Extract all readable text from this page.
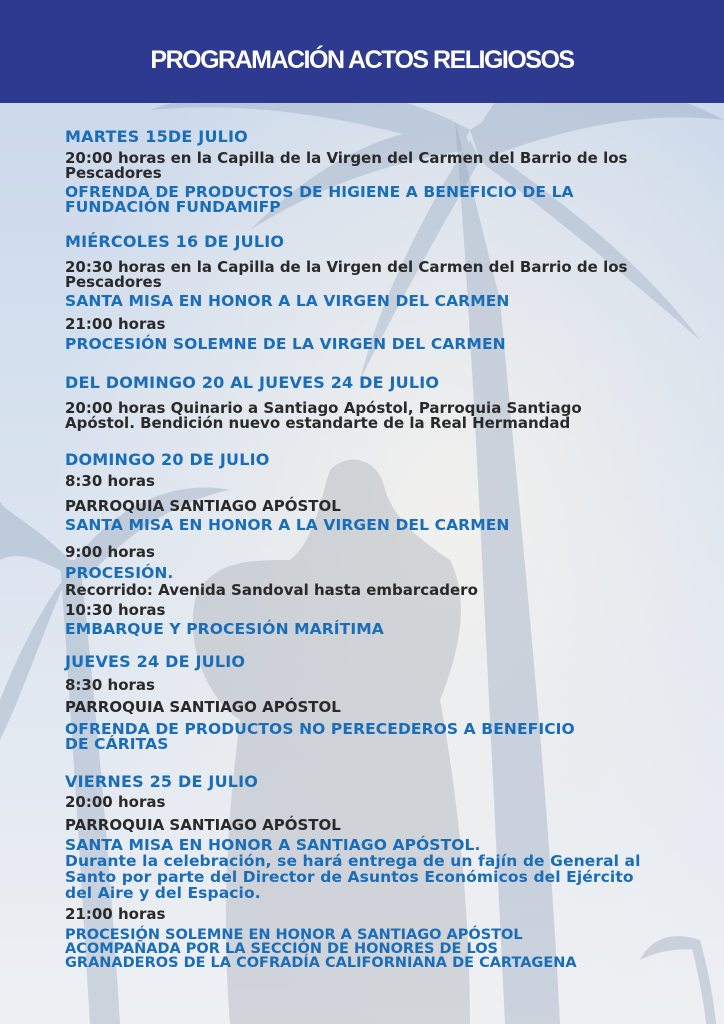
PROGRAMACIÓN ACTOS RELIGIOSOS
MARTES 15DE JULIO
20:00 horas en la Capilla de la Virgen del Carmen del Barrio de los
Pescadores
OFRENDA DE PRODUCTOS DE HIGIENE A BENEFICIO DE LA
FUNDACIÓN FUNDAMIFP
MIÉRCOLES 16 DE JULIO
20:30 horas en la Capilla de la Virgen del Carmen del Barrio de los
Pescadores
SANTA MISA EN HONOR A LA VIRGEN DEL CARMEN
21:00 horas
PROCESIÓN SOLEMNE DE LA VIRGEN DEL CARMEN
DEL DOMINGO 20 AL JUEVES 24 DE JULIO
20:00 horas Quinario a Santiago Apóstol, Parroquia Santiago
Apóstol. Bendición nuevo estandarte de la Real Hermandad
DOMINGO 20 DE JULIO
8:30 horas
PARROQUIA SANTIAGO APÓSTOL
SANTA MISA EN HONOR A LA VIRGEN DEL CARMEN
9:00 horas
PROCESIÓN.
Recorrido: Avenida Sandoval hasta embarcadero
10:30 horas
EMBARQUE Y PROCESIÓN MARÍTIMA
JUEVES 24 DE JULIO
8:30 horas
PARROQUIA SANTIAGO APÓSTOL
OFRENDA DE PRODUCTOS NO PERECEDEROS A BENEFICIO
DE CÁRITAS
VIERNES 25 DE JULIO
20:00 horas
PARROQUIA SANTIAGO APÓSTOL
SANTA MISA EN HONOR A SANTIAGO APÓSTOL.
Durante la celebración, se hará entrega de un fajín de General al
Santo por parte del Director de Asuntos Económicos del Ejército
del Aire y del Espacio.
21:00 horas
PROCESIÓN SOLEMNE EN HONOR A SANTIAGO APÓSTOL
ACOMPAÑADA POR LA SECCIÓN DE HONORES DE LOS
GRANADEROS DE LA COFRADÍA CALIFORNIANA DE CARTAGENA
